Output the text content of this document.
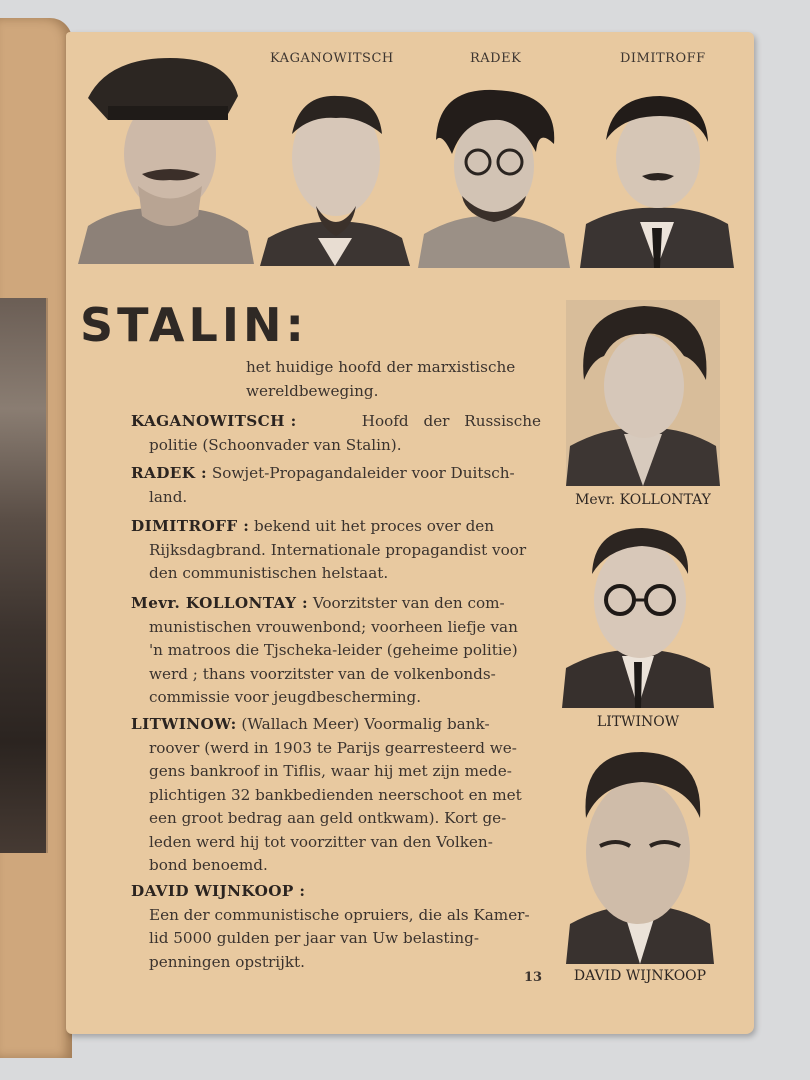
KAGANOWITSCH	RADEK	DIMITROFF
STALIN:
Mevr. KOLLONTAY
LITWINOW
DAVID WIJNKOOP
het huidige hoofd der marxistische
wereldbeweging.
KAGANOWITSCH :	Hoofd der Russische
politie (Schoonvader van Stalin).
RADEK : Sowjet-Propagandaleider voor Duitsch-
land.
DIMITROFF : bekend uit het proces over den
Rijksdagbrand. Internationale propagandist voor
den communistischen helstaat.
Mevr. KOLLONTAY : Voorzitster van den com-
munistischen vrouwenbond; voorheen liefje van
'n matroos die Tjscheka-leider (geheime politie)
werd ; thans voorzitster van de volkenbonds-
commissie voor jeugdbescherming.
LITWINOW: (Wallach Meer) Voormalig bank-
roover (werd in 1903 te Parijs gearresteerd we-
gens bankroof in Tiflis, waar hij met zijn mede-
plichtigen 32 bankbedienden neerschoot en met
een groot bedrag aan geld ontkwam). Kort ge-
leden werd hij tot voorzitter van den Volken-
bond benoemd.
DAVID WIJNKOOP :
Een der communistische opruiers, die als Kamer-
lid 5000 gulden per jaar van Uw belasting-
penningen opstrijkt.
13
